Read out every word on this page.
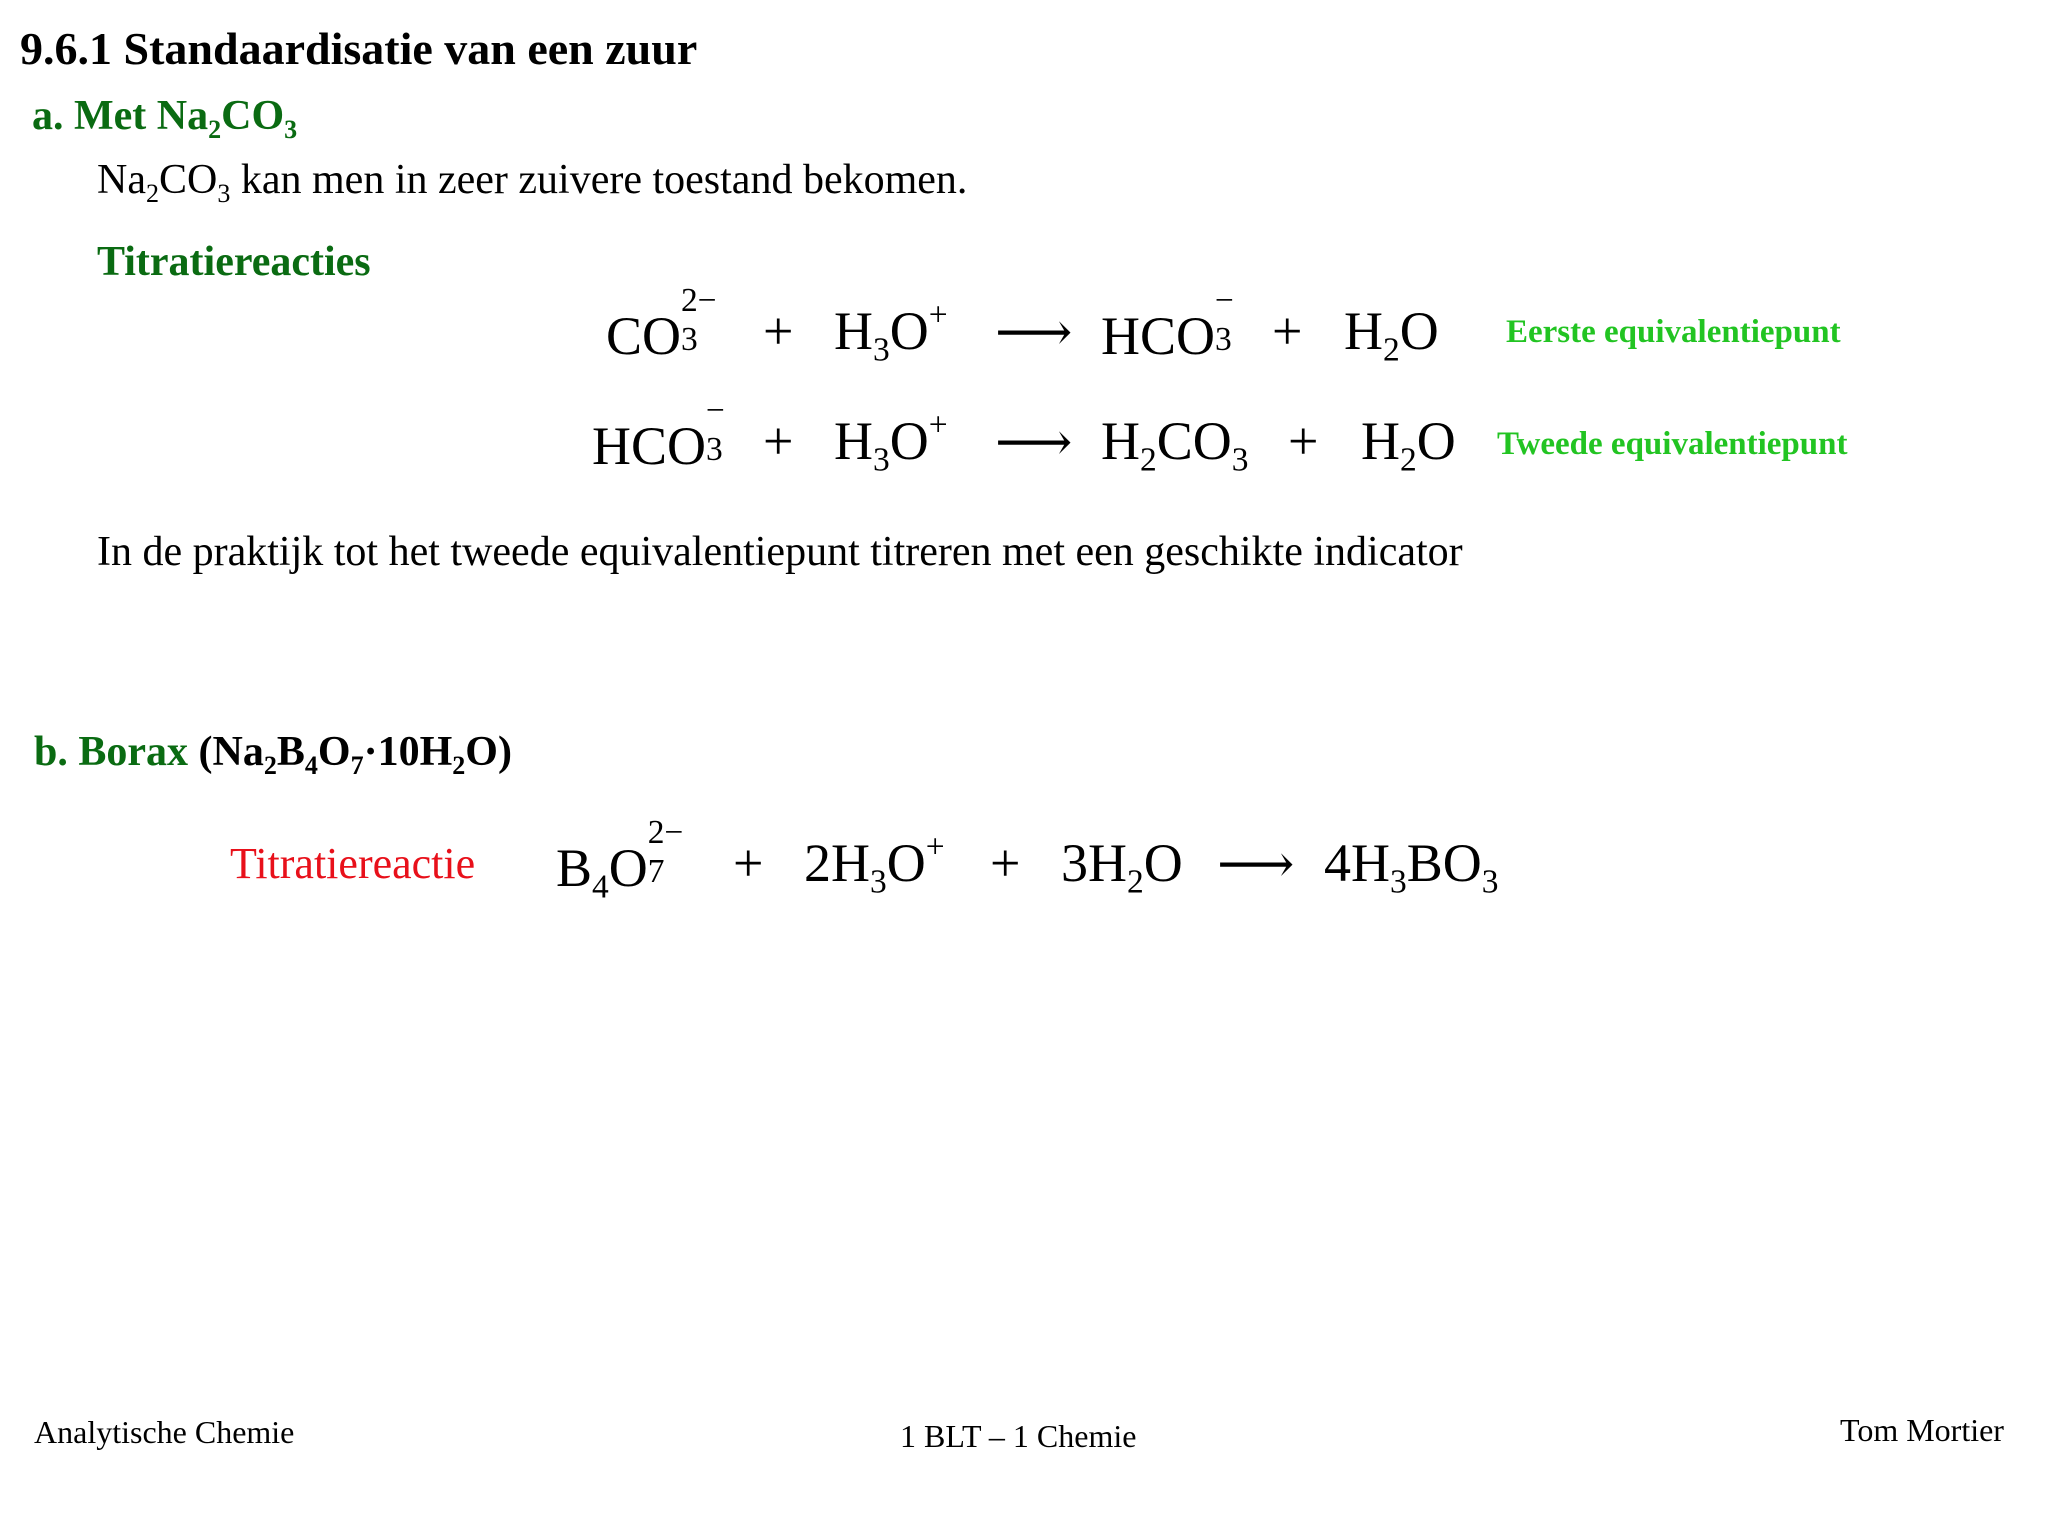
9.6.1 Standaardisatie van een zuur
a. Met $Na_2CO_3$
$Na_2CO_3$ kan men in zeer zuivere toestand bekomen.
Titratiereacties
CO
2−
$3 + H_3O^+$ ⟶ HCO
−
$3 + H_2O$ Eerste equivalentiepunt
HCO
−
$3 + H_3O^+$ ⟶ $H_2CO_3 + H_2O$ Tweede equivalentiepunt
In de praktijk tot het tweede equivalentiepunt titreren met een geschikte indicator
b. Borax $(Na_2B_4O_7\cdot 10H_2O)$
Titratiereactie $B_4O$
2−
$7 + 2H_3O^+ + 3H_2O$ ⟶ $4H_3BO_3$
Analytische Chemie	1 BLT – 1 Chemie	Tom Mortier
